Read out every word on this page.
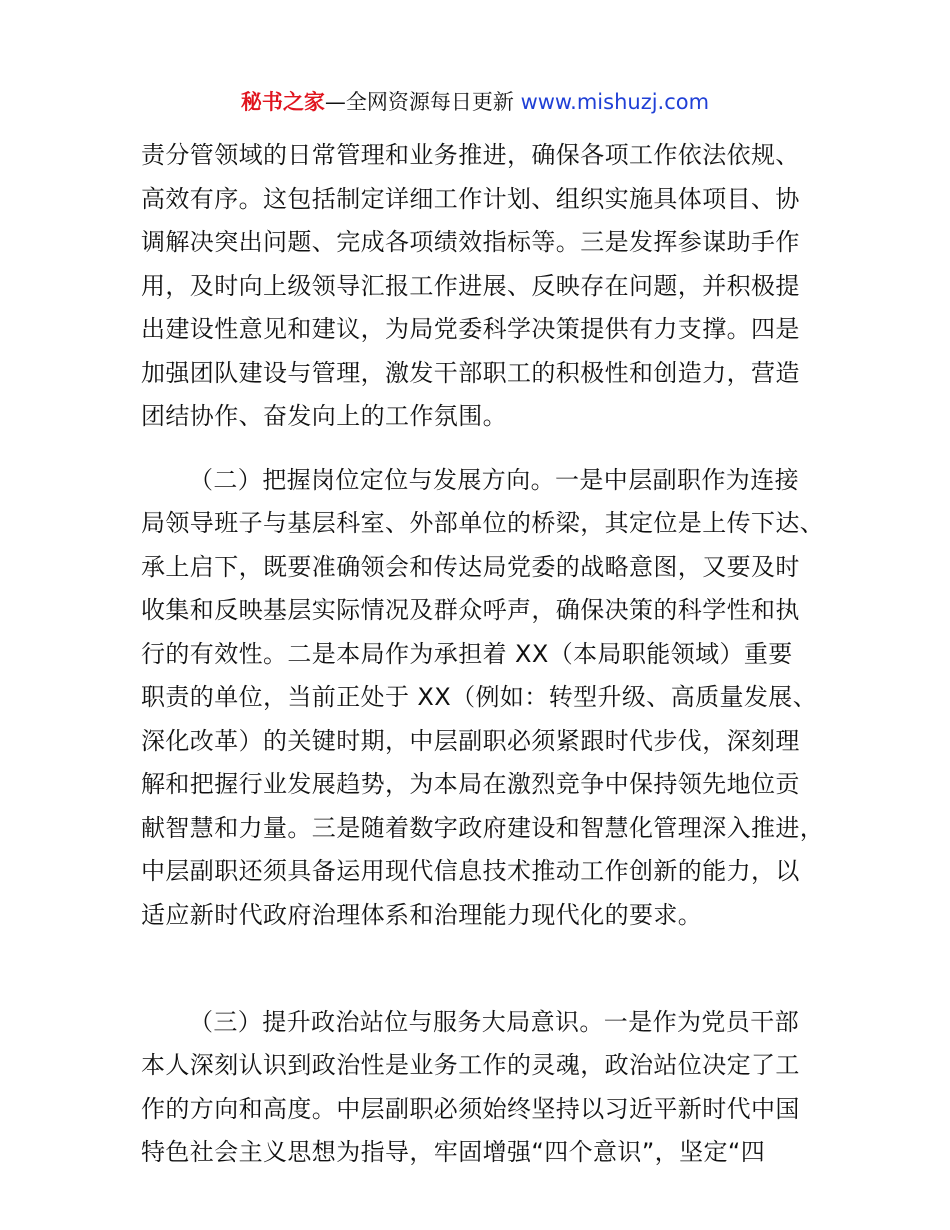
秘书之家—全网资源每日更新 www.mishuzj.com
责分管领域的日常管理和业务推进，确保各项工作依法依规、
高效有序。这包括制定详细工作计划、组织实施具体项目、协
调解决突出问题、完成各项绩效指标等。三是发挥参谋助手作
用，及时向上级领导汇报工作进展、反映存在问题，并积极提
出建设性意见和建议，为局党委科学决策提供有力支撑。四是
加强团队建设与管理，激发干部职工的积极性和创造力，营造
团结协作、奋发向上的工作氛围。
（二）把握岗位定位与发展方向。一是中层副职作为连接
局领导班子与基层科室、外部单位的桥梁，其定位是上传下达、
承上启下，既要准确领会和传达局党委的战略意图，又要及时
收集和反映基层实际情况及群众呼声，确保决策的科学性和执
行的有效性。二是本局作为承担着 XX（本局职能领域）重要
职责的单位，当前正处于 XX（例如：转型升级、高质量发展、
深化改革）的关键时期，中层副职必须紧跟时代步伐，深刻理
解和把握行业发展趋势，为本局在激烈竞争中保持领先地位贡
献智慧和力量。三是随着数字政府建设和智慧化管理深入推进，
中层副职还须具备运用现代信息技术推动工作创新的能力，以
适应新时代政府治理体系和治理能力现代化的要求。
（三）提升政治站位与服务大局意识。一是作为党员干部
本人深刻认识到政治性是业务工作的灵魂，政治站位决定了工
作的方向和高度。中层副职必须始终坚持以习近平新时代中国
特色社会主义思想为指导，牢固增强“四个意识”，坚定“四
